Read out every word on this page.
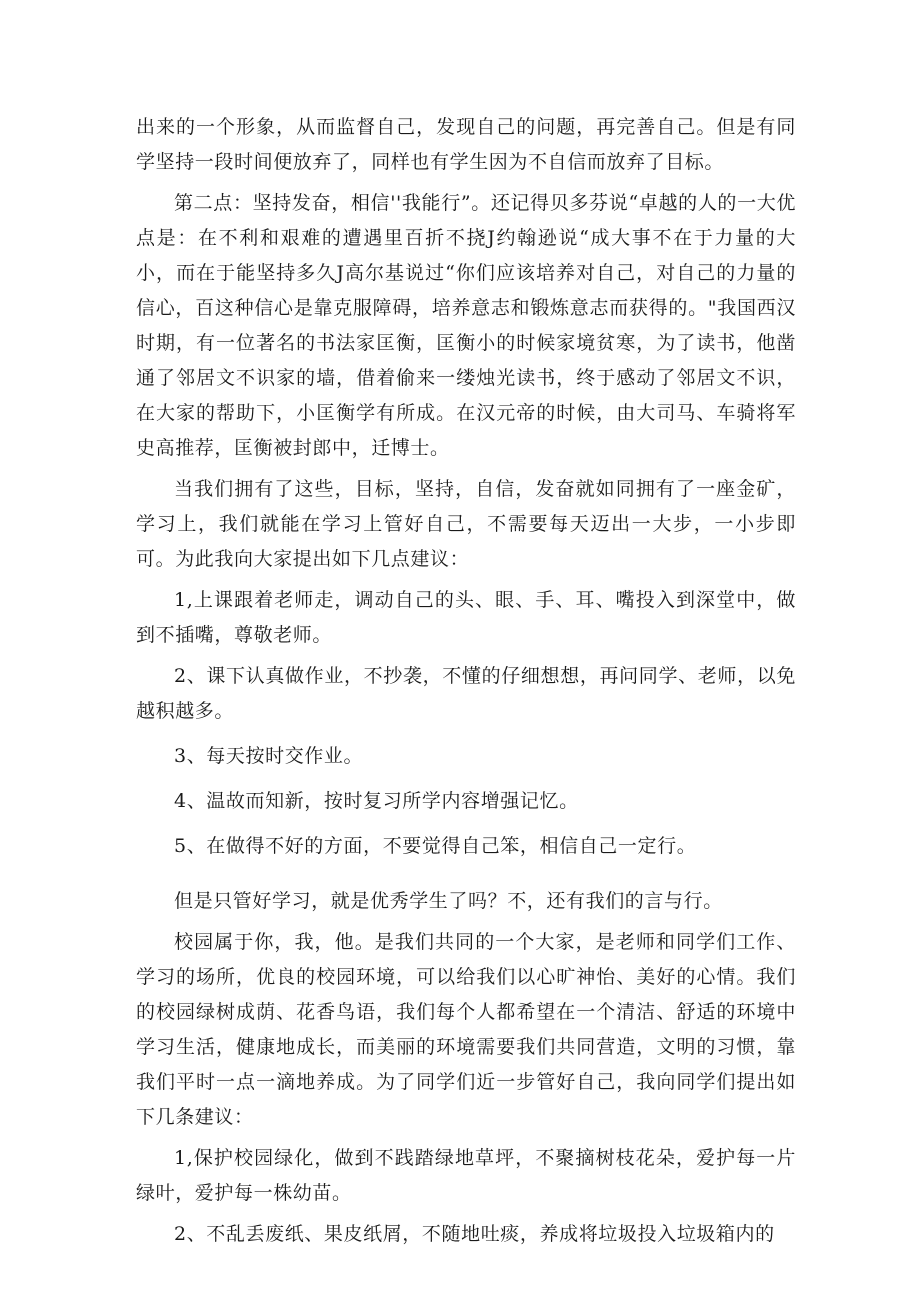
出来的一个形象，从而监督自己，发现自己的问题，再完善自己。但是有同学坚持一段时间便放弃了，同样也有学生因为不自信而放弃了目标。

第二点：坚持发奋，相信''我能行”。还记得贝多芬说“卓越的人的一大优点是：在不利和艰难的遭遇里百折不挠J约翰逊说“成大事不在于力量的大小，而在于能坚持多久J高尔基说过“你们应该培养对自己，对自己的力量的信心，百这种信心是靠克服障碍，培养意志和锻炼意志而获得的。"我国西汉时期，有一位著名的书法家匡衡，匡衡小的时候家境贫寒，为了读书，他凿通了邻居文不识家的墙，借着偷来一缕烛光读书，终于感动了邻居文不识，在大家的帮助下，小匡衡学有所成。在汉元帝的时候，由大司马、车骑将军史高推荐，匡衡被封郎中，迁博士。

当我们拥有了这些，目标，坚持，自信，发奋就如同拥有了一座金矿，学习上，我们就能在学习上管好自己，不需要每天迈出一大步，一小步即可。为此我向大家提出如下几点建议：

1,上课跟着老师走，调动自己的头、眼、手、耳、嘴投入到深堂中，做到不插嘴，尊敬老师。

2、课下认真做作业，不抄袭，不懂的仔细想想，再问同学、老师，以免越积越多。

3、每天按时交作业。

4、温故而知新，按时复习所学内容增强记忆。

5、在做得不好的方面，不要觉得自己笨，相信自己一定行。

但是只管好学习，就是优秀学生了吗？不，还有我们的言与行。

校园属于你，我，他。是我们共同的一个大家，是老师和同学们工作、学习的场所，优良的校园环境，可以给我们以心旷神怡、美好的心情。我们的校园绿树成荫、花香鸟语，我们每个人都希望在一个清洁、舒适的环境中学习生活，健康地成长，而美丽的环境需要我们共同营造，文明的习惯，靠我们平时一点一滴地养成。为了同学们近一步管好自己，我向同学们提出如下几条建议：

1,保护校园绿化，做到不践踏绿地草坪，不聚摘树枝花朵，爱护每一片绿叶，爱护每一株幼苗。

2、不乱丢废纸、果皮纸屑，不随地吐痰，养成将垃圾投入垃圾箱内的
